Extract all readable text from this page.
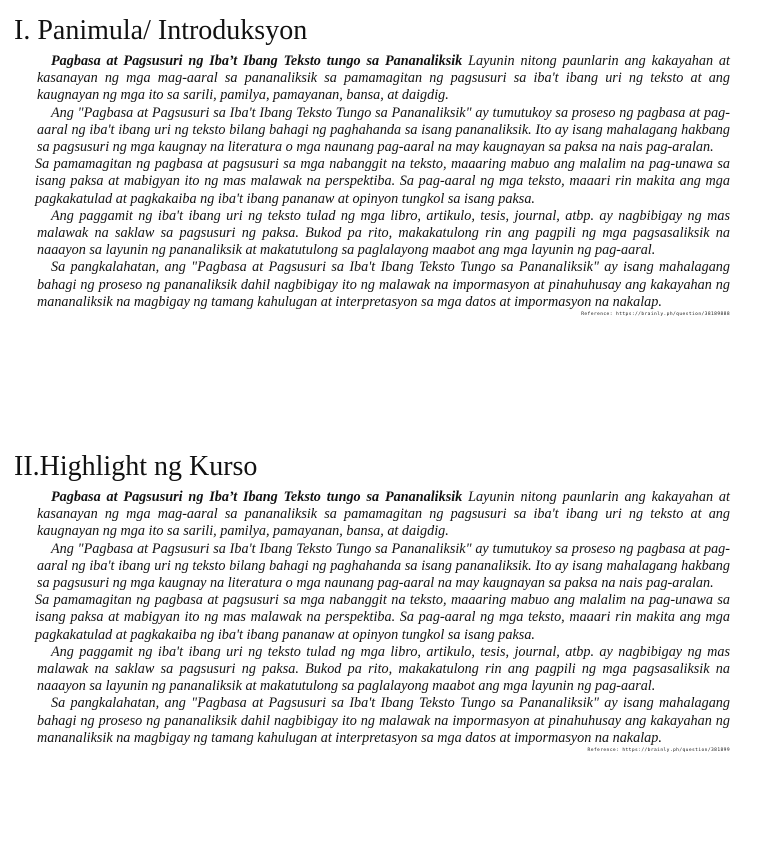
I. Panimula/ Introduksyon

Pagbasa at Pagsusuri ng Iba’t Ibang Teksto tungo sa Pananaliksik Layunin nitong paunlarin ang kakayahan at kasanayan ng mga mag-aaral sa pananaliksik sa pamamagitan ng pagsusuri sa iba't ibang uri ng teksto at ang kaugnayan ng mga ito sa sarili, pamilya, pamayanan, bansa, at daigdig.

Ang "Pagbasa at Pagsusuri sa Iba't Ibang Tekstο Tungo sa Pananaliksik" ay tumutukoy sa proseso ng pagbasa at pag-aaral ng iba't ibang uri ng teksto bilang bahagi ng paghahanda sa isang pananaliksik. Ito ay isang mahalagang hakbang sa pagsusuri ng mga kaugnay na literatura o mga naunang pag-aaral na may kaugnayan sa paksa na nais pag-aralan.

Sa pamamagitan ng pagbasa at pagsusuri sa mga nabanggit na teksto, maaaring mabuo ang malalim na pag-unawa sa isang paksa at mabigyan ito ng mas malawak na perspektiba. Sa pag-aaral ng mga teksto, maaari rin makita ang mga pagkakatulad at pagkakaiba ng iba't ibang pananaw at opinyon tungkol sa isang paksa.

Ang paggamit ng iba't ibang uri ng teksto tulad ng mga libro, artikulo, tesis, journal, atbp. ay nagbibigay ng mas malawak na saklaw sa pagsusuri ng paksa. Bukod pa rito, makakatulong rin ang pagpili ng mga pagsasaliksik na naaayon sa layunin ng pananaliksik at makatutulong sa paglalayong maabot ang mga layunin ng pag-aaral.

Sa pangkalahatan, ang "Pagbasa at Pagsusuri sa Iba't Ibang Teksto Tungo sa Pananaliksik" ay isang mahalagang bahagi ng proseso ng pananaliksik dahil nagbibigay ito ng malawak na impormasyon at pinahuhusay ang kakayahan ng mananaliksik na magbigay ng tamang kahulugan at interpretasyon sa mga datos at impormasyon na nakalap.

Reference: https://brainly.ph/question/38189888
II.Highlight ng Kurso

Pagbasa at Pagsusuri ng Iba’t Ibang Teksto tungo sa Pananaliksik Layunin nitong paunlarin ang kakayahan at kasanayan ng mga mag-aaral sa pananaliksik sa pamamagitan ng pagsusuri sa iba't ibang uri ng teksto at ang kaugnayan ng mga ito sa sarili, pamilya, pamayanan, bansa, at daigdig.

Ang "Pagbasa at Pagsusuri sa Iba't Ibang Teksto Tungo sa Pananaliksik" ay tumutukoy sa proseso ng pagbasa at pag-aaral ng iba't ibang uri ng teksto bilang bahagi ng paghahanda sa isang pananaliksik. Ito ay isang mahalagang hakbang sa pagsusuri ng mga kaugnay na literatura o mga naunang pag-aaral na may kaugnayan sa paksa na nais pag-aralan.

Sa pamamagitan ng pagbasa at pagsusuri sa mga nabanggit na teksto, maaaring mabuo ang malalim na pag-unawa sa isang paksa at mabigyan ito ng mas malawak na perspektiba. Sa pag-aaral ng mga teksto, maaari rin makita ang mga pagkakatulad at pagkakaiba ng iba't ibang pananaw at opinyon tungkol sa isang paksa.

Ang paggamit ng iba't ibang uri ng teksto tulad ng mga libro, artikulo, tesis, journal, atbp. ay nagbibigay ng mas malawak na saklaw sa pagsusuri ng paksa. Bukod pa rito, makakatulong rin ang pagpili ng mga pagsasaliksik na naaayon sa layunin ng pananaliksik at makatutulong sa paglalayong maabot ang mga layunin ng pag-aaral.

Sa pangkalahatan, ang "Pagbasa at Pagsusuri sa Iba't Ibang Teksto Tungo sa Pananaliksik" ay isang mahalagang bahagi ng proseso ng pananaliksik dahil nagbibigay ito ng malawak na impormasyon at pinahuhusay ang kakayahan ng mananaliksik na magbigay ng tamang kahulugan at interpretasyon sa mga datos at impormasyon na nakalap.

Reference: https://brainly.ph/question/381899
